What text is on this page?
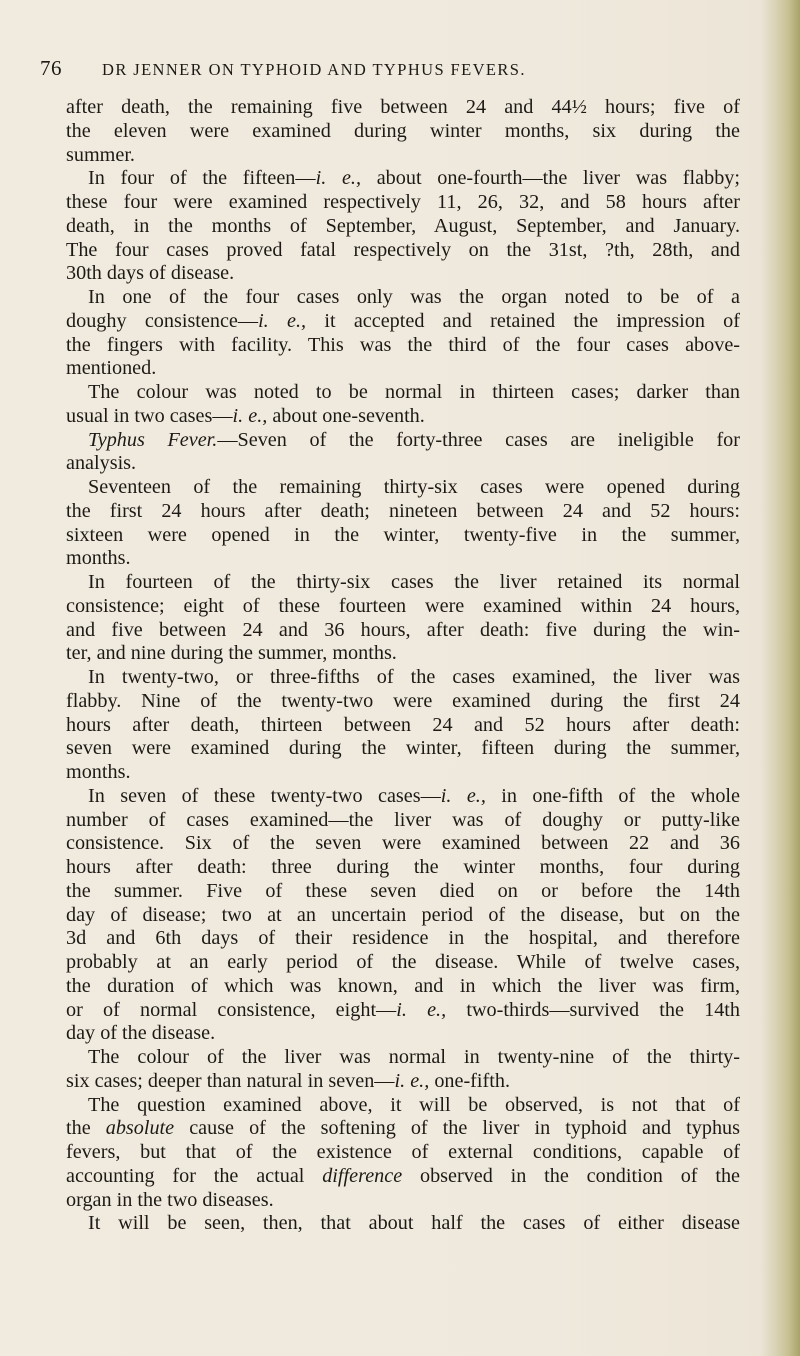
76 DR JENNER ON TYPHOID AND TYPHUS FEVERS.
after death, the remaining five between 24 and 44½ hours; five of
the eleven were examined during winter months, six during the
summer.
In four of the fifteen—i. e., about one-fourth—the liver was flabby;
these four were examined respectively 11, 26, 32, and 58 hours after
death, in the months of September, August, September, and January.
The four cases proved fatal respectively on the 31st, ?th, 28th, and
30th days of disease.
In one of the four cases only was the organ noted to be of a
doughy consistence—i. e., it accepted and retained the impression of
the fingers with facility. This was the third of the four cases above-
mentioned.
The colour was noted to be normal in thirteen cases; darker than
usual in two cases—i. e., about one-seventh.
Typhus Fever.—Seven of the forty-three cases are ineligible for
analysis.
Seventeen of the remaining thirty-six cases were opened during
the first 24 hours after death; nineteen between 24 and 52 hours:
sixteen were opened in the winter, twenty-five in the summer,
months.
In fourteen of the thirty-six cases the liver retained its normal
consistence; eight of these fourteen were examined within 24 hours,
and five between 24 and 36 hours, after death: five during the win-
ter, and nine during the summer, months.
In twenty-two, or three-fifths of the cases examined, the liver was
flabby. Nine of the twenty-two were examined during the first 24
hours after death, thirteen between 24 and 52 hours after death:
seven were examined during the winter, fifteen during the summer,
months.
In seven of these twenty-two cases—i. e., in one-fifth of the whole
number of cases examined—the liver was of doughy or putty-like
consistence. Six of the seven were examined between 22 and 36
hours after death: three during the winter months, four during
the summer. Five of these seven died on or before the 14th
day of disease; two at an uncertain period of the disease, but on the
3d and 6th days of their residence in the hospital, and therefore
probably at an early period of the disease. While of twelve cases,
the duration of which was known, and in which the liver was firm,
or of normal consistence, eight—i. e., two-thirds—survived the 14th
day of the disease.
The colour of the liver was normal in twenty-nine of the thirty-
six cases; deeper than natural in seven—i. e., one-fifth.
The question examined above, it will be observed, is not that of
the absolute cause of the softening of the liver in typhoid and typhus
fevers, but that of the existence of external conditions, capable of
accounting for the actual difference observed in the condition of the
organ in the two diseases.
It will be seen, then, that about half the cases of either disease
